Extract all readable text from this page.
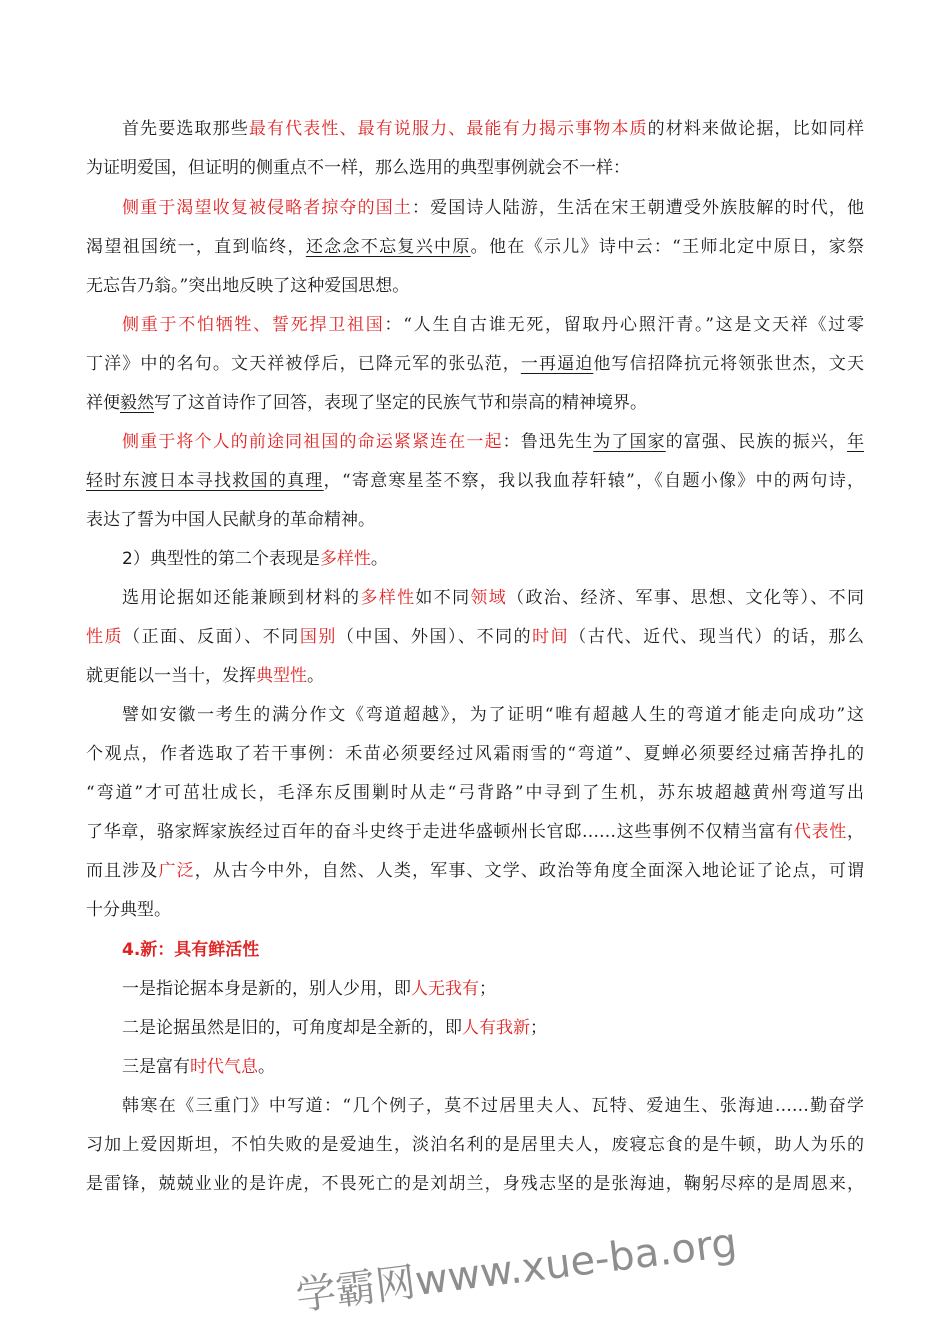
首先要选取那些最有代表性、最有说服力、最能有力揭示事物本质的材料来做论据，比如同样
为证明爱国，但证明的侧重点不一样，那么选用的典型事例就会不一样：
侧重于渴望收复被侵略者掠夺的国土：爱国诗人陆游，生活在宋王朝遭受外族肢解的时代，他
渴望祖国统一，直到临终，还念念不忘复兴中原。他在《示儿》诗中云：“王师北定中原日，家祭
无忘告乃翁。”突出地反映了这种爱国思想。
侧重于不怕牺牲、誓死捍卫祖国：“人生自古谁无死，留取丹心照汗青。”这是文天祥《过零
丁洋》中的名句。文天祥被俘后，已降元军的张弘范，一再逼迫他写信招降抗元将领张世杰，文天
祥便毅然写了这首诗作了回答，表现了坚定的民族气节和崇高的精神境界。
侧重于将个人的前途同祖国的命运紧紧连在一起：鲁迅先生为了国家的富强、民族的振兴，年
轻时东渡日本寻找救国的真理，“寄意寒星荃不察，我以我血荐轩辕”，《自题小像》中的两句诗，
表达了誓为中国人民献身的革命精神。
2）典型性的第二个表现是多样性。
选用论据如还能兼顾到材料的多样性如不同领域（政治、经济、军事、思想、文化等）、不同
性质（正面、反面）、不同国别（中国、外国）、不同的时间（古代、近代、现当代）的话，那么
就更能以一当十，发挥典型性。
譬如安徽一考生的满分作文《弯道超越》，为了证明“唯有超越人生的弯道才能走向成功”这
个观点，作者选取了若干事例：禾苗必须要经过风霜雨雪的“弯道”、夏蝉必须要经过痛苦挣扎的
“弯道”才可茁壮成长，毛泽东反围剿时从走“弓背路”中寻到了生机，苏东坡超越黄州弯道写出
了华章，骆家辉家族经过百年的奋斗史终于走进华盛顿州长官邸……这些事例不仅精当富有代表性，
而且涉及广泛，从古今中外，自然、人类，军事、文学、政治等角度全面深入地论证了论点，可谓
十分典型。
4.新：具有鲜活性
一是指论据本身是新的，别人少用，即人无我有；
二是论据虽然是旧的，可角度却是全新的，即人有我新；
三是富有时代气息。
韩寒在《三重门》中写道：“几个例子，莫不过居里夫人、瓦特、爱迪生、张海迪……勤奋学
习加上爱因斯坦，不怕失败的是爱迪生，淡泊名利的是居里夫人，废寝忘食的是牛顿，助人为乐的
是雷锋，兢兢业业的是许虎，不畏死亡的是刘胡兰，身残志坚的是张海迪，鞠躬尽瘁的是周恩来，
学霸网www.xue-ba.org
